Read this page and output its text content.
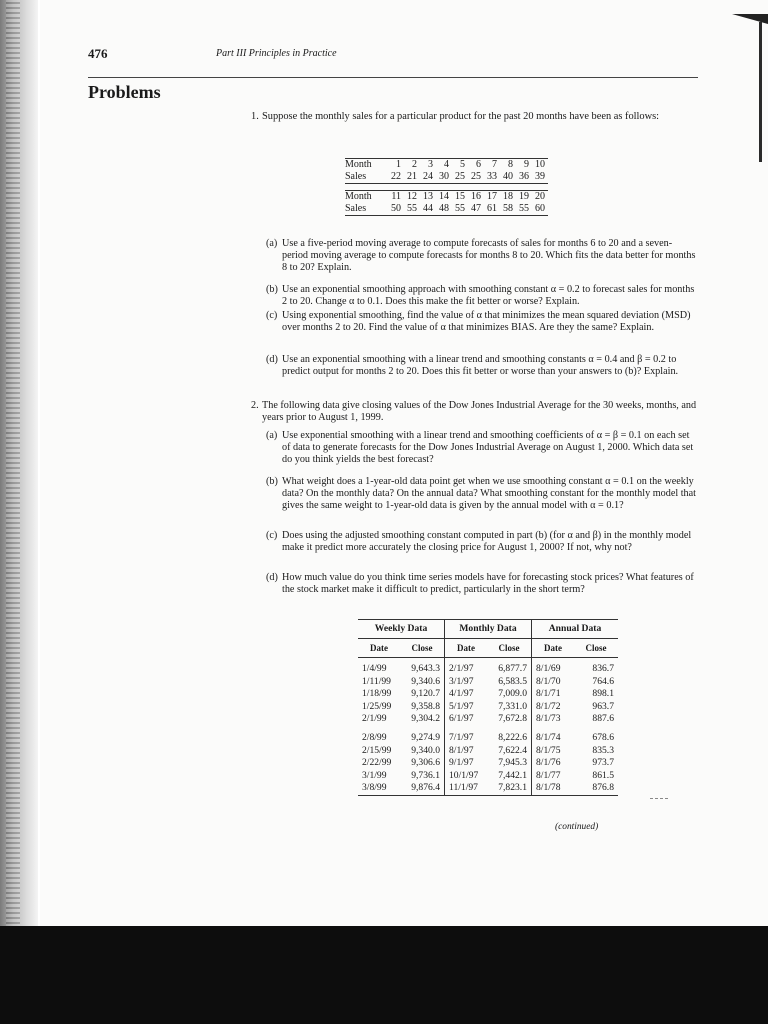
476	Part III Principles in Practice
Problems
1. Suppose the monthly sales for a particular product for the past 20 months have been as follows:
Month	1	2	3	4	5	6	7	8	9	10
Sales	22	21	24	30	25	25	33	40	36	39

Month	11	12	13	14	15	16	17	18	19	20
Sales	50	55	44	48	55	47	61	58	55	60
(a) Use a five-period moving average to compute forecasts of sales for months 6 to 20 and a seven-period moving average to compute forecasts for months 8 to 20. Which fits the data better for months 8 to 20? Explain.
(b) Use an exponential smoothing approach with smoothing constant α = 0.2 to forecast sales for months 2 to 20. Change α to 0.1. Does this make the fit better or worse? Explain.
(c) Using exponential smoothing, find the value of α that minimizes the mean squared deviation (MSD) over months 2 to 20. Find the value of α that minimizes BIAS. Are they the same? Explain.
(d) Use an exponential smoothing with a linear trend and smoothing constants α = 0.4 and β = 0.2 to predict output for months 2 to 20. Does this fit better or worse than your answers to (b)? Explain.
2. The following data give closing values of the Dow Jones Industrial Average for the 30 weeks, months, and years prior to August 1, 1999.
(a) Use exponential smoothing with a linear trend and smoothing coefficients of α = β = 0.1 on each set of data to generate forecasts for the Dow Jones Industrial Average on August 1, 2000. Which data set do you think yields the best forecast?
(b) What weight does a 1-year-old data point get when we use smoothing constant α = 0.1 on the weekly data? On the monthly data? On the annual data? What smoothing constant for the monthly model that gives the same weight to 1-year-old data is given by the annual model with α = 0.1?
(c) Does using the adjusted smoothing constant computed in part (b) (for α and β) in the monthly model make it predict more accurately the closing price for August 1, 2000? If not, why not?
(d) How much value do you think time series models have for forecasting stock prices? What features of the stock market make it difficult to predict, particularly in the short term?
Weekly Data		Monthly Data		Annual Data	
Date	Close	Date	Close	Date	Close
1/4/99	9,643.3	2/1/97	6,877.7	8/1/69	836.7
1/11/99	9,340.6	3/1/97	6,583.5	8/1/70	764.6
1/18/99	9,120.7	4/1/97	7,009.0	8/1/71	898.1
1/25/99	9,358.8	5/1/97	7,331.0	8/1/72	963.7
2/1/99	9,304.2	6/1/97	7,672.8	8/1/73	887.6

2/8/99	9,274.9	7/1/97	8,222.6	8/1/74	678.6
2/15/99	9,340.0	8/1/97	7,622.4	8/1/75	835.3
2/22/99	9,306.6	9/1/97	7,945.3	8/1/76	973.7
3/1/99	9,736.1	10/1/97	7,442.1	8/1/77	861.5
3/8/99	9,876.4	11/1/97	7,823.1	8/1/78	876.8
(continued)
